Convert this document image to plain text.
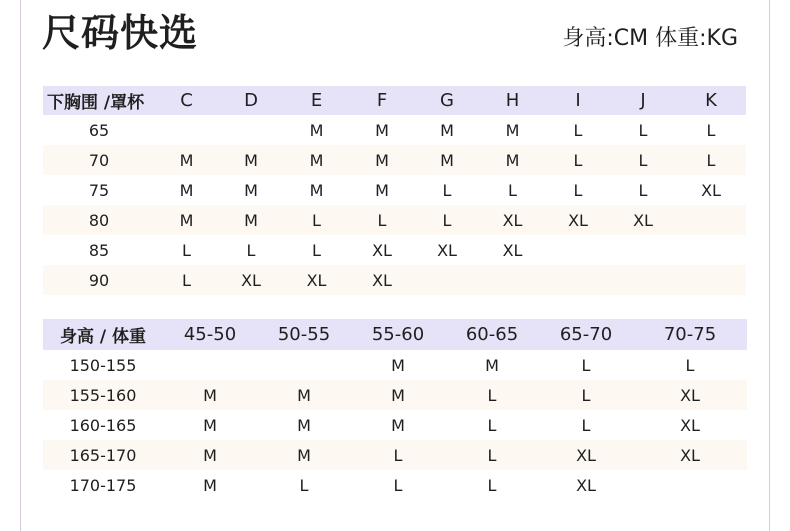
尺码快选	身高:CM 体重:KG
下胸围 /罩杯	C	D	E	F	G	H	I	J	K
65			M	M	M	M	L	L	L
70	M	M	M	M	M	M	L	L	L
75	M	M	M	M	L	L	L	L	XL
80	M	M	L	L	L	XL	XL	XL	
85	L	L	L	XL	XL	XL			
90	L	XL	XL	XL					
身高 / 体重	45-50	50-55	55-60	60-65	65-70	70-75
150-155			M	M	L	L
155-160	M	M	M	L	L	XL
160-165	M	M	M	L	L	XL
165-170	M	M	L	L	XL	XL
170-175	M	L	L	L	XL	
